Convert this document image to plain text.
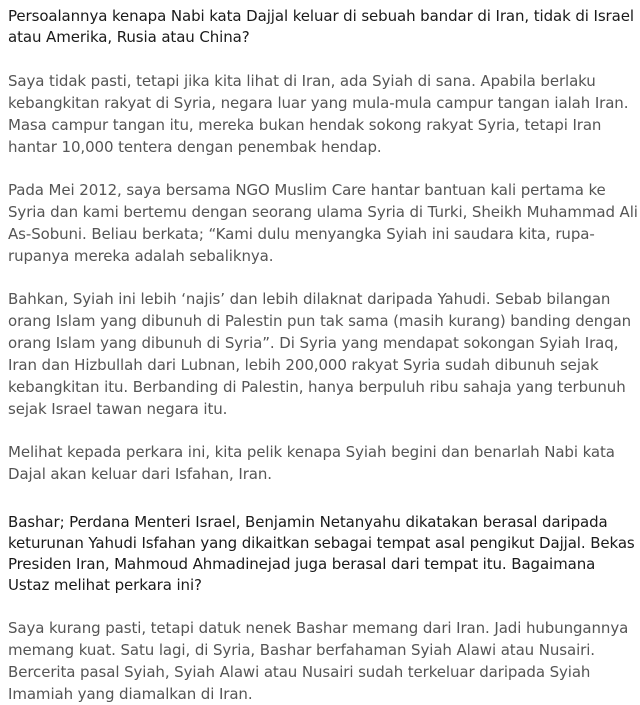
Persoalannya kenapa Nabi kata Dajjal keluar di sebuah bandar di Iran, tidak di Israel atau Amerika, Rusia atau China?

Saya tidak pasti, tetapi jika kita lihat di Iran, ada Syiah di sana. Apabila berlaku kebangkitan rakyat di Syria, negara luar yang mula-mula campur tangan ialah Iran. Masa campur tangan itu, mereka bukan hendak sokong rakyat Syria, tetapi Iran hantar 10,000 tentera dengan penembak hendap.

Pada Mei 2012, saya bersama NGO Muslim Care hantar bantuan kali pertama ke Syria dan kami bertemu dengan seorang ulama Syria di Turki, Sheikh Muhammad Ali As-Sobuni. Beliau berkata; “Kami dulu menyangka Syiah ini saudara kita, rupa-rupanya mereka adalah sebaliknya.

Bahkan, Syiah ini lebih ‘najis’ dan lebih dilaknat daripada Yahudi. Sebab bilangan orang Islam yang dibunuh di Palestin pun tak sama (masih kurang) banding dengan orang Islam yang dibunuh di Syria”. Di Syria yang mendapat sokongan Syiah Iraq, Iran dan Hizbullah dari Lubnan, lebih 200,000 rakyat Syria sudah dibunuh sejak kebangkitan itu. Berbanding di Palestin, hanya berpuluh ribu sahaja yang terbunuh sejak Israel tawan negara itu.

Melihat kepada perkara ini, kita pelik kenapa Syiah begini dan benarlah Nabi kata Dajal akan keluar dari Isfahan, Iran.

Bashar; Perdana Menteri Israel, Benjamin Netanyahu dikatakan berasal daripada keturunan Yahudi Isfahan yang dikaitkan sebagai tempat asal pengikut Dajjal. Bekas Presiden Iran, Mahmoud Ahmadinejad juga berasal dari tempat itu. Bagaimana Ustaz melihat perkara ini?

Saya kurang pasti, tetapi datuk nenek Bashar memang dari Iran. Jadi hubungannya memang kuat. Satu lagi, di Syria, Bashar berfahaman Syiah Alawi atau Nusairi. Bercerita pasal Syiah, Syiah Alawi atau Nusairi sudah terkeluar daripada Syiah Imamiah yang diamalkan di Iran.
